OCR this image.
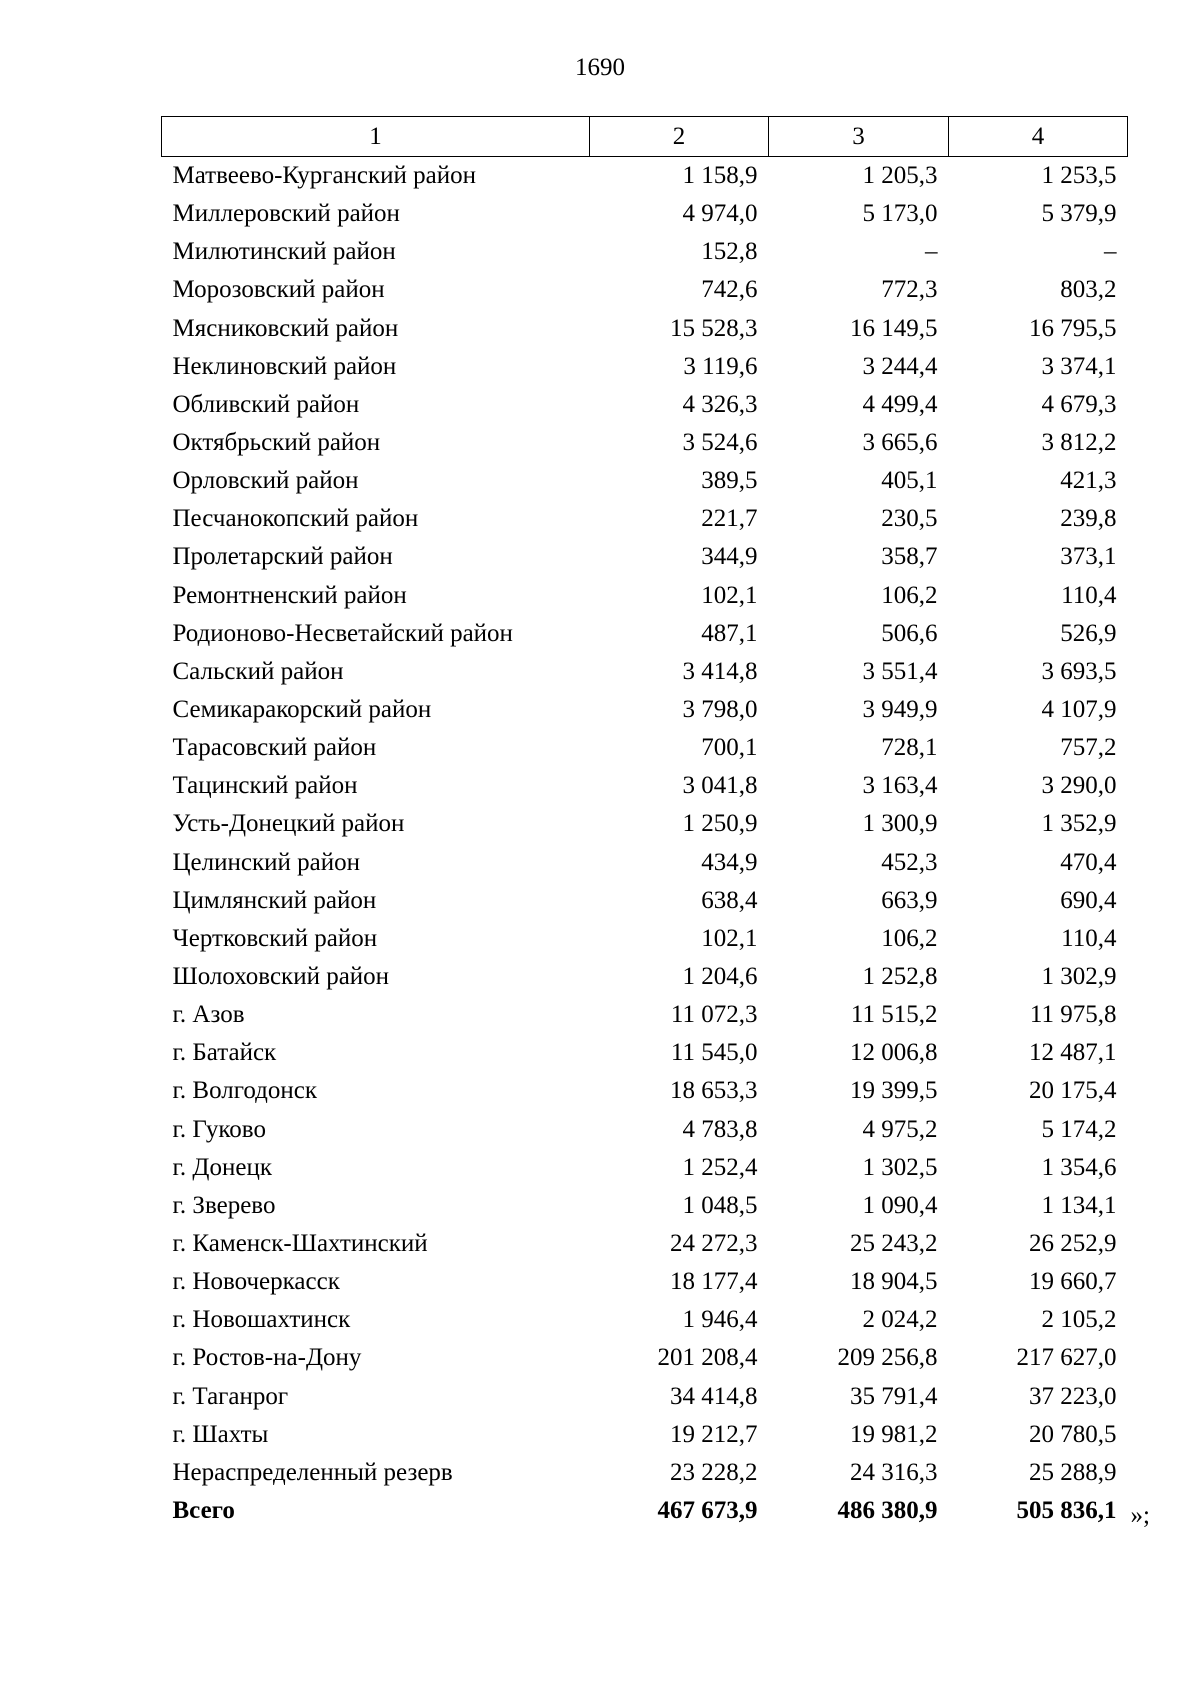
1690
1	2	3	4
Матвеево-Курганский район	1 158,9	1 205,3	1 253,5
Миллеровский район	4 974,0	5 173,0	5 379,9
Милютинский район	152,8	–	–
Морозовский район	742,6	772,3	803,2
Мясниковский район	15 528,3	16 149,5	16 795,5
Неклиновский район	3 119,6	3 244,4	3 374,1
Обливский район	4 326,3	4 499,4	4 679,3
Октябрьский район	3 524,6	3 665,6	3 812,2
Орловский район	389,5	405,1	421,3
Песчанокопский район	221,7	230,5	239,8
Пролетарский район	344,9	358,7	373,1
Ремонтненский район	102,1	106,2	110,4
Родионово-Несветайский район	487,1	506,6	526,9
Сальский район	3 414,8	3 551,4	3 693,5
Семикаракорский район	3 798,0	3 949,9	4 107,9
Тарасовский район	700,1	728,1	757,2
Тацинский район	3 041,8	3 163,4	3 290,0
Усть-Донецкий район	1 250,9	1 300,9	1 352,9
Целинский район	434,9	452,3	470,4
Цимлянский район	638,4	663,9	690,4
Чертковский район	102,1	106,2	110,4
Шолоховский район	1 204,6	1 252,8	1 302,9
г. Азов	11 072,3	11 515,2	11 975,8
г. Батайск	11 545,0	12 006,8	12 487,1
г. Волгодонск	18 653,3	19 399,5	20 175,4
г. Гуково	4 783,8	4 975,2	5 174,2
г. Донецк	1 252,4	1 302,5	1 354,6
г. Зверево	1 048,5	1 090,4	1 134,1
г. Каменск-Шахтинский	24 272,3	25 243,2	26 252,9
г. Новочеркасск	18 177,4	18 904,5	19 660,7
г. Новошахтинск	1 946,4	2 024,2	2 105,2
г. Ростов-на-Дону	201 208,4	209 256,8	217 627,0
г. Таганрог	34 414,8	35 791,4	37 223,0
г. Шахты	19 212,7	19 981,2	20 780,5
Нераспределенный резерв	23 228,2	24 316,3	25 288,9
Всего	467 673,9	486 380,9	505 836,1 »;
